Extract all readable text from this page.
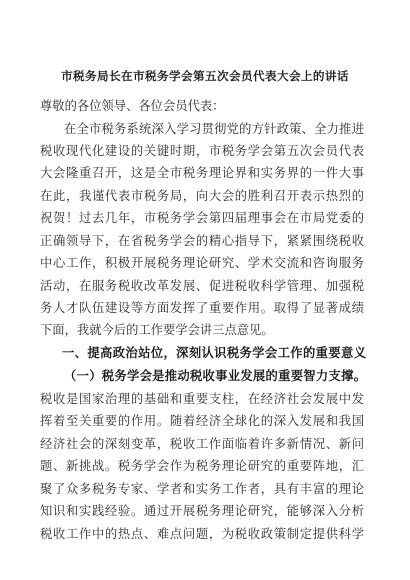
市税务局长在市税务学会第五次会员代表大会上的讲话
尊敬的各位领导、各位会员代表：
在全市税务系统深入学习贯彻党的方针政策、全力推进
税收现代化建设的关键时期，市税务学会第五次会员代表
大会隆重召开，这是全市税务理论界和实务界的一件大事
在此，我谨代表市税务局，向大会的胜利召开表示热烈的
祝贺！过去几年，市税务学会第四届理事会在市局党委的
正确领导下，在省税务学会的精心指导下，紧紧围绕税收
中心工作，积极开展税务理论研究、学术交流和咨询服务
活动，在服务税收改革发展、促进税收科学管理、加强税
务人才队伍建设等方面发挥了重要作用。取得了显著成绩
下面，我就今后的工作要学会讲三点意见。
一、提高政治站位，深刻认识税务学会工作的重要意义
（一）税务学会是推动税收事业发展的重要智力支撑。
税收是国家治理的基础和重要支柱，在经济社会发展中发
挥着至关重要的作用。随着经济全球化的深入发展和我国
经济社会的深刻变革，税收工作面临着许多新情况、新问
题、新挑战。税务学会作为税务理论研究的重要阵地，汇
聚了众多税务专家、学者和实务工作者，具有丰富的理论
知识和实践经验。通过开展税务理论研究，能够深入分析
税收工作中的热点、难点问题，为税收政策制定提供科学
